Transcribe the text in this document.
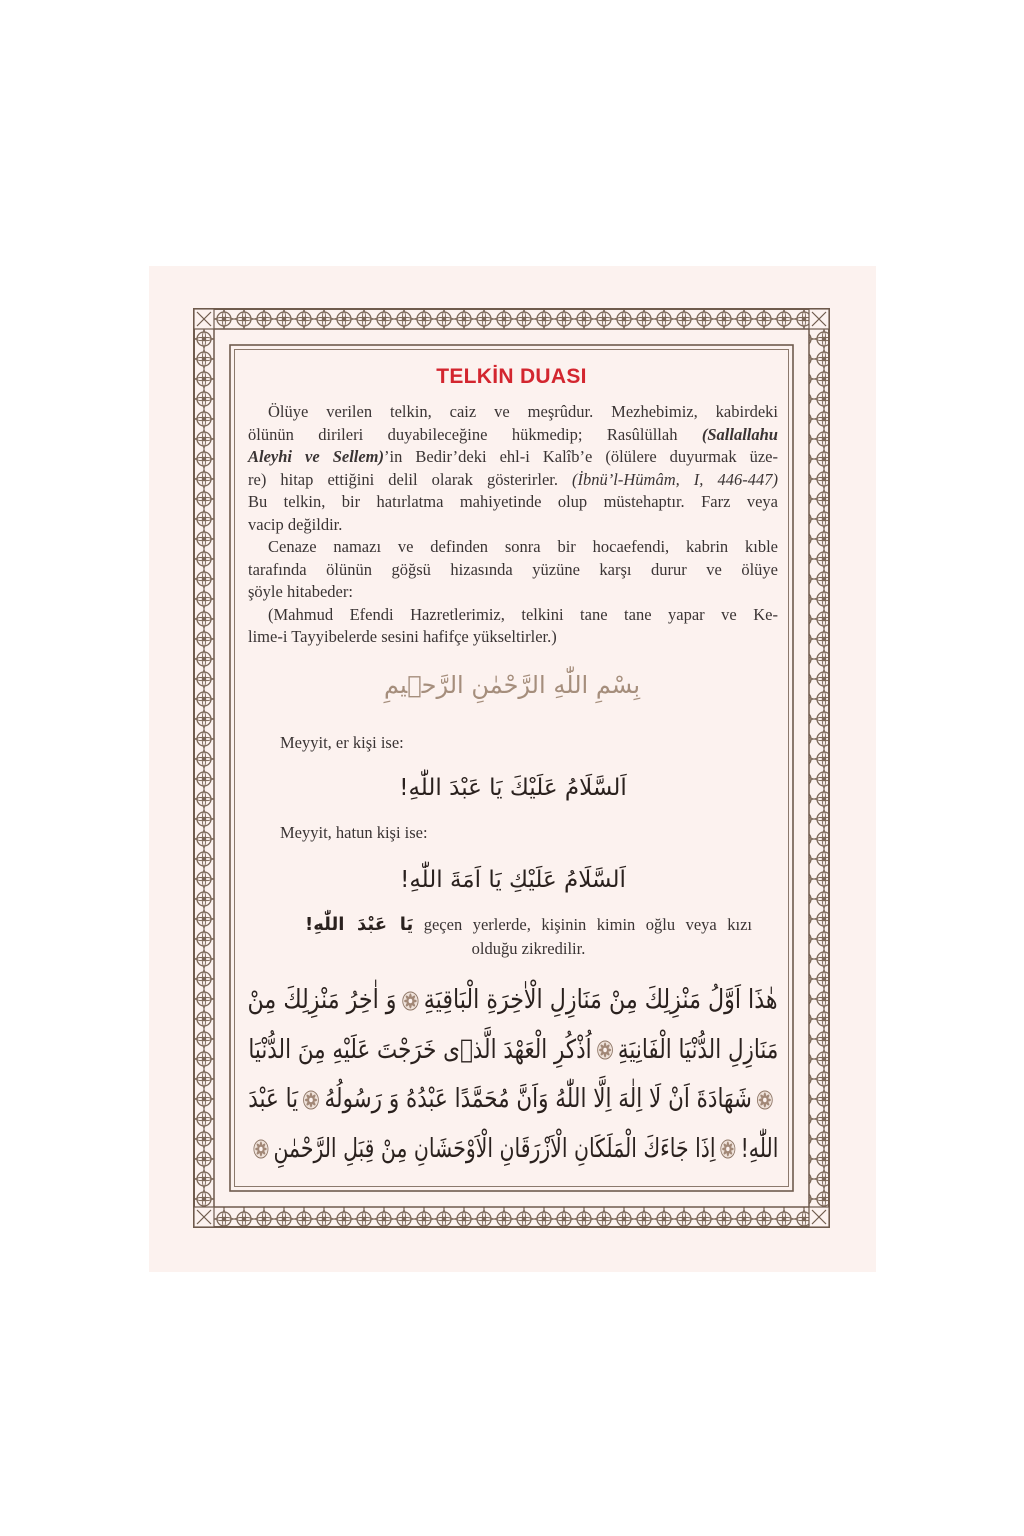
TELKİN DUASI
Ölüye verilen telkin, caiz ve meşrûdur. Mezhebimiz, kabirdeki
ölünün dirileri duyabileceğine hükmedip; Rasûlüllah (Sallallahu
Aleyhi ve Sellem)’in Bedir’deki ehl-i Kalîb’e (ölülere duyurmak üze-
re) hitap ettiğini delil olarak gösterirler. (İbnü’l-Hümâm, I, 446-447)
Bu telkin, bir hatırlatma mahiyetinde olup müstehaptır. Farz veya
vacip değildir.
Cenaze namazı ve definden sonra bir hocaefendi, kabrin kıble
tarafında ölünün göğsü hizasında yüzüne karşı durur ve ölüye
şöyle hitabeder:
(Mahmud Efendi Hazretlerimiz, telkini tane tane yapar ve Ke-
lime-i Tayyibelerde sesini hafifçe yükseltirler.)
بِسْمِ اللّٰهِ الرَّحْمٰنِ الرَّحٖيمِ
Meyyit, er kişi ise:
اَلسَّلَامُ عَلَيْكَ يَا عَبْدَ اللّٰهِ!
Meyyit, hatun kişi ise:
اَلسَّلَامُ عَلَيْكِ يَا اَمَةَ اللّٰهِ!
يَا عَبْدَ اللّٰهِ! geçen yerlerde, kişinin kimin oğlu veya kızı
olduğu zikredilir.
هٰذَا اَوَّلُ مَنْزِلِكَ مِنْ مَنَازِلِ الْاٰخِرَةِ الْبَاقِيَةِوَ اٰخِرُ مَنْزِلِكَ مِنْ
مَنَازِلِ الدُّنْيَا الْفَانِيَةِاُذْكُرِ الْعَهْدَ الَّذٖى خَرَجْتَ عَلَيْهِ مِنَ الدُّنْيَا
شَهَادَةَ اَنْ لَا اِلٰهَ اِلَّا اللّٰهُ وَاَنَّ مُحَمَّدًا عَبْدُهُ وَ رَسُولُهُيَا عَبْدَ
اللّٰهِ!اِذَا جَاءَكَ الْمَلَكَانِ الْاَزْرَقَانِ الْاَوْحَشَانِ مِنْ قِبَلِ الرَّحْمٰنِ
